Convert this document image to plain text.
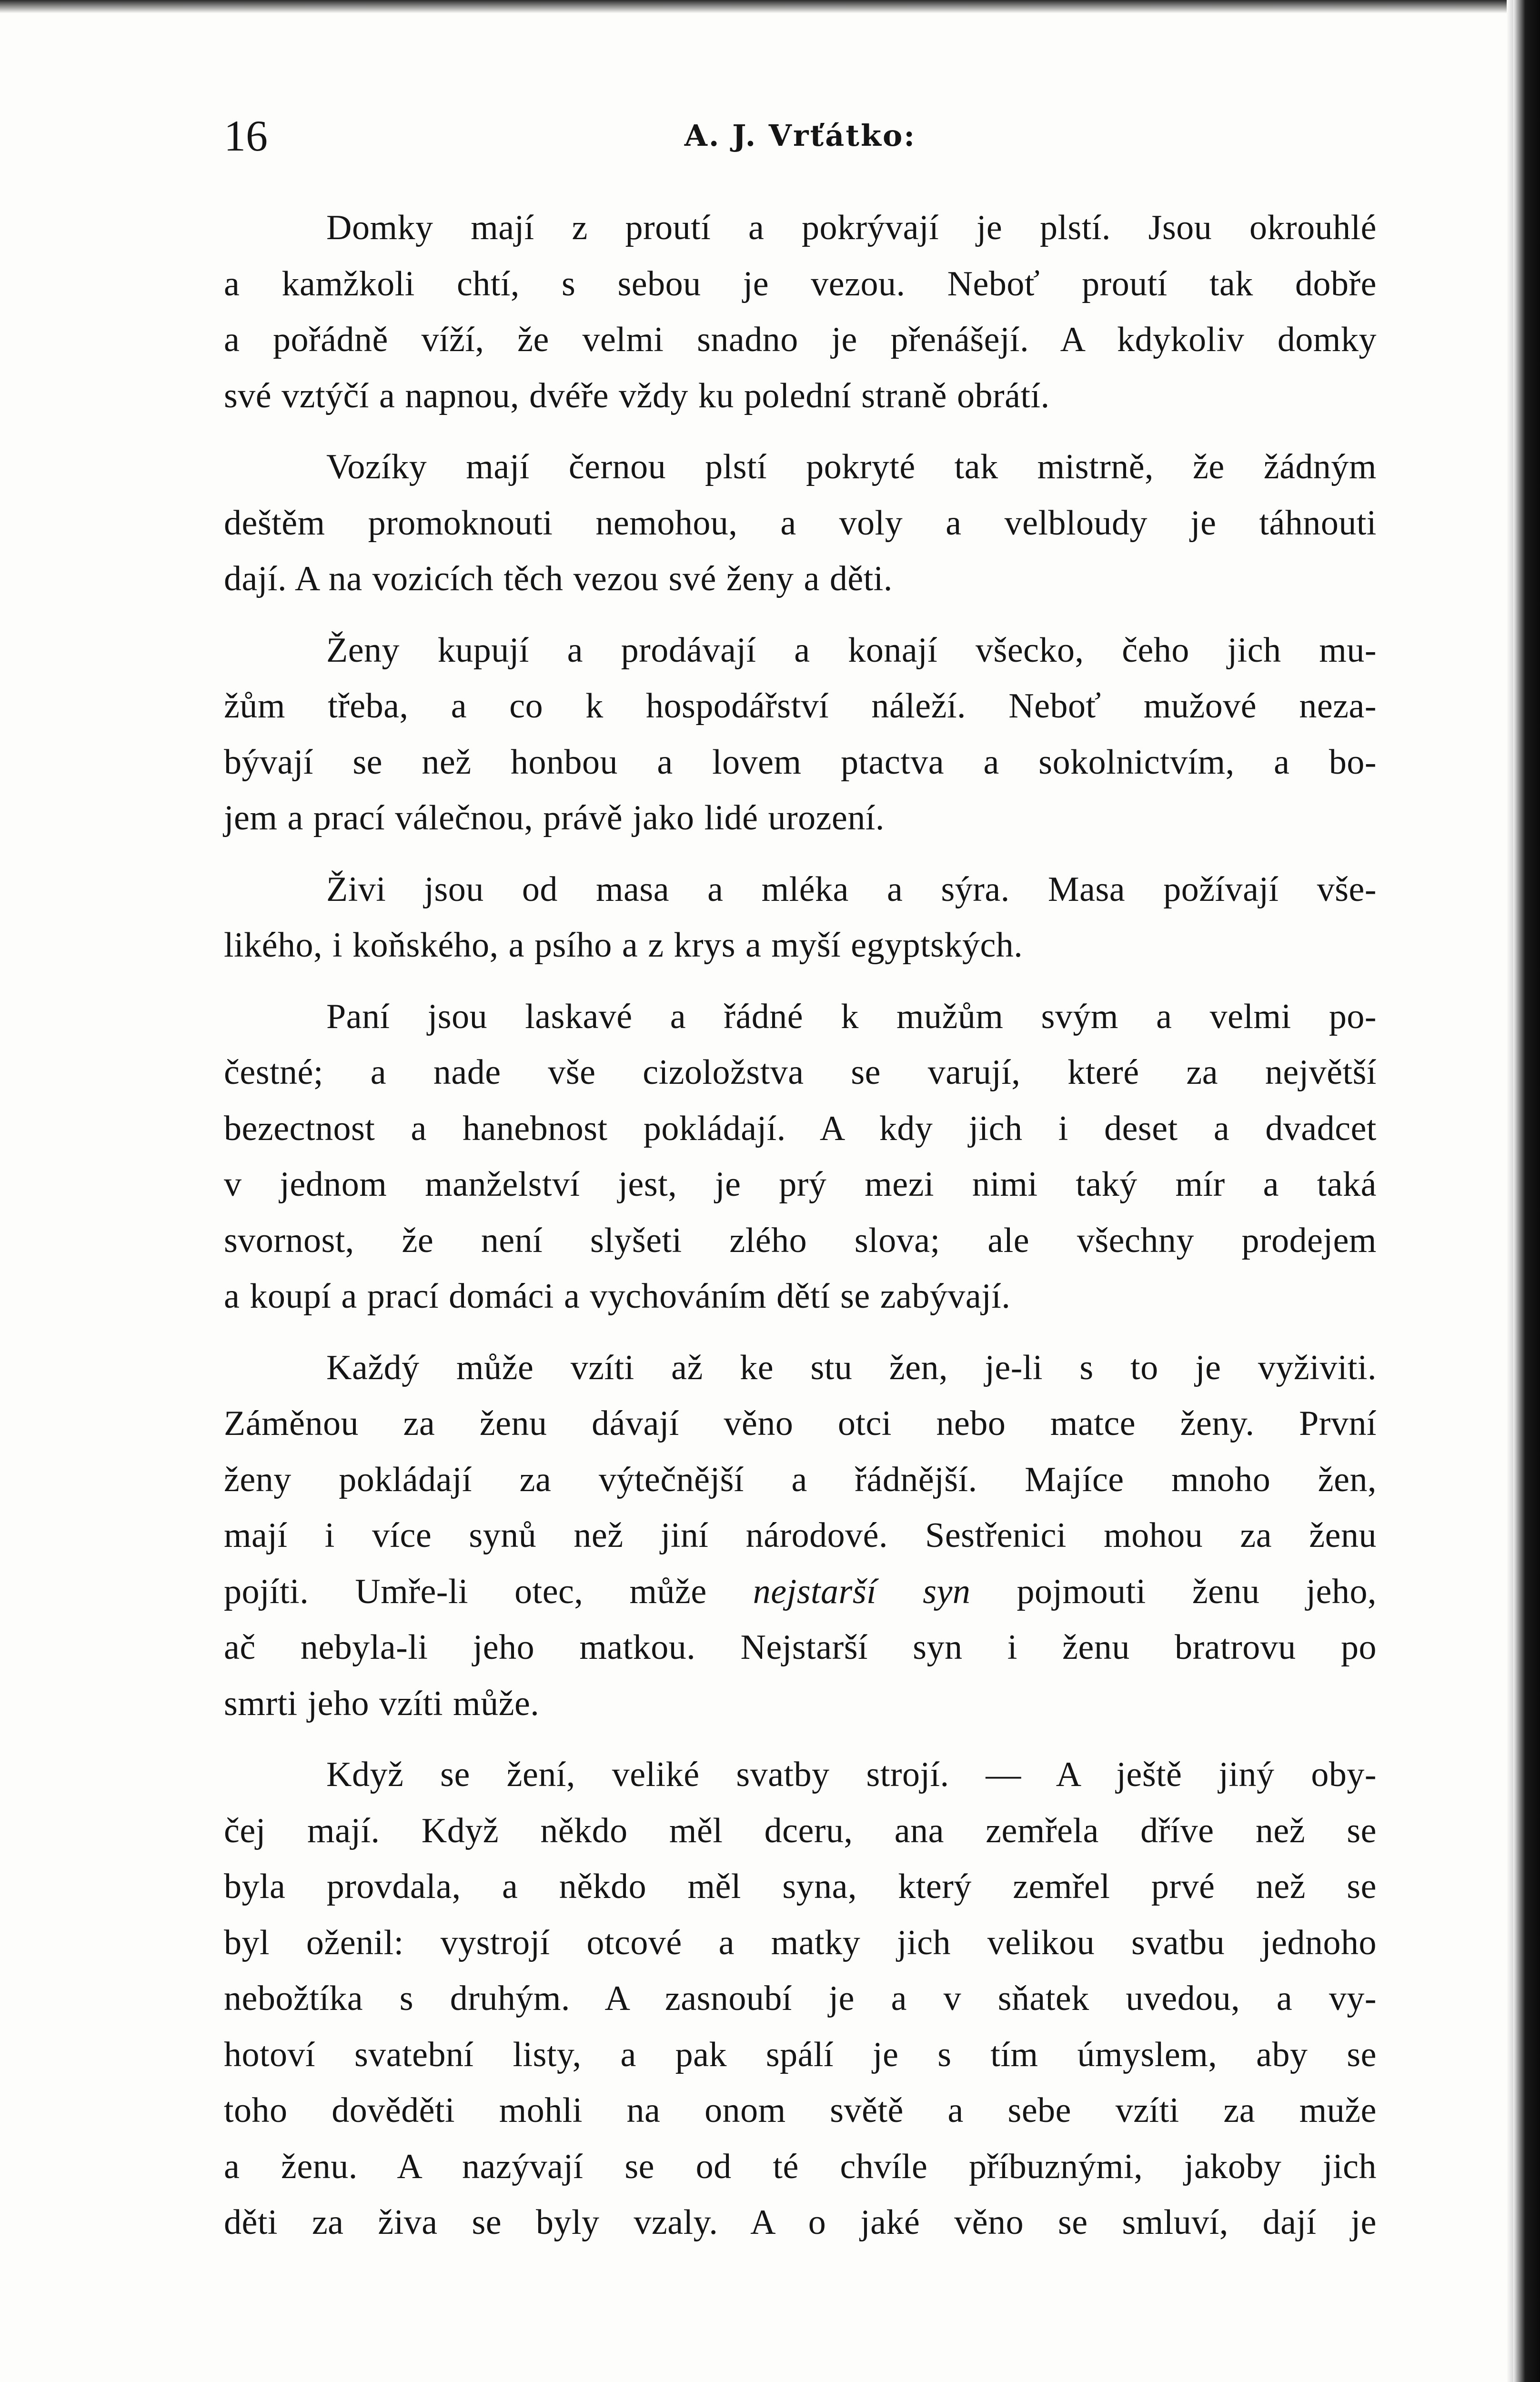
16	A. J. Vrťátko:

Domky mají z proutí a pokrývají je plstí. Jsou okrouhlé
a kamžkoli chtí, s sebou je vezou. Neboť proutí tak dobře
a pořádně víží, že velmi snadno je přenášejí. A kdykoliv domky
své vztýčí a napnou, dvéře vždy ku polední straně obrátí.

Vozíky mají černou plstí pokryté tak mistrně, že žádným
deštěm promoknouti nemohou, a voly a velbloudy je táhnouti
dají. A na vozicích těch vezou své ženy a děti.

Ženy kupují a prodávají a konají všecko, čeho jich mu-
žům třeba, a co k hospodářství náleží. Neboť mužové neza-
bývají se než honbou a lovem ptactva a sokolnictvím, a bo-
jem a prací válečnou, právě jako lidé urození.

Živi jsou od masa a mléka a sýra. Masa požívají vše-
likého, i koňského, a psího a z krys a myší egyptských.

Paní jsou laskavé a řádné k mužům svým a velmi po-
čestné; a nade vše cizoložstva se varují, které za největší
bezectnost a hanebnost pokládají. A kdy jich i deset a dvadcet
v jednom manželství jest, je prý mezi nimi taký mír a taká
svornost, že není slyšeti zlého slova; ale všechny prodejem
a koupí a prací domáci a vychováním dětí se zabývají.

Každý může vzíti až ke stu žen, je-li s to je vyživiti.
Záměnou za ženu dávají věno otci nebo matce ženy. První
ženy pokládají za výtečnější a řádnější. Majíce mnoho žen,
mají i více synů než jiní národové. Sestřenici mohou za ženu
pojíti. Umře-li otec, může nejstarší syn pojmouti ženu jeho,
ač nebyla-li jeho matkou. Nejstarší syn i ženu bratrovu po
smrti jeho vzíti může.

Když se žení, veliké svatby strojí. — A ještě jiný oby-
čej mají. Když někdo měl dceru, ana zemřela dříve než se
byla provdala, a někdo měl syna, který zemřel prvé než se
byl oženil: vystrojí otcové a matky jich velikou svatbu jednoho
nebožtíka s druhým. A zasnoubí je a v sňatek uvedou, a vy-
hotoví svatební listy, a pak spálí je s tím úmyslem, aby se
toho dověděti mohli na onom světě a sebe vzíti za muže
a ženu. A nazývají se od té chvíle příbuznými, jakoby jich
děti za živa se byly vzaly. A o jaké věno se smluví, dají je
